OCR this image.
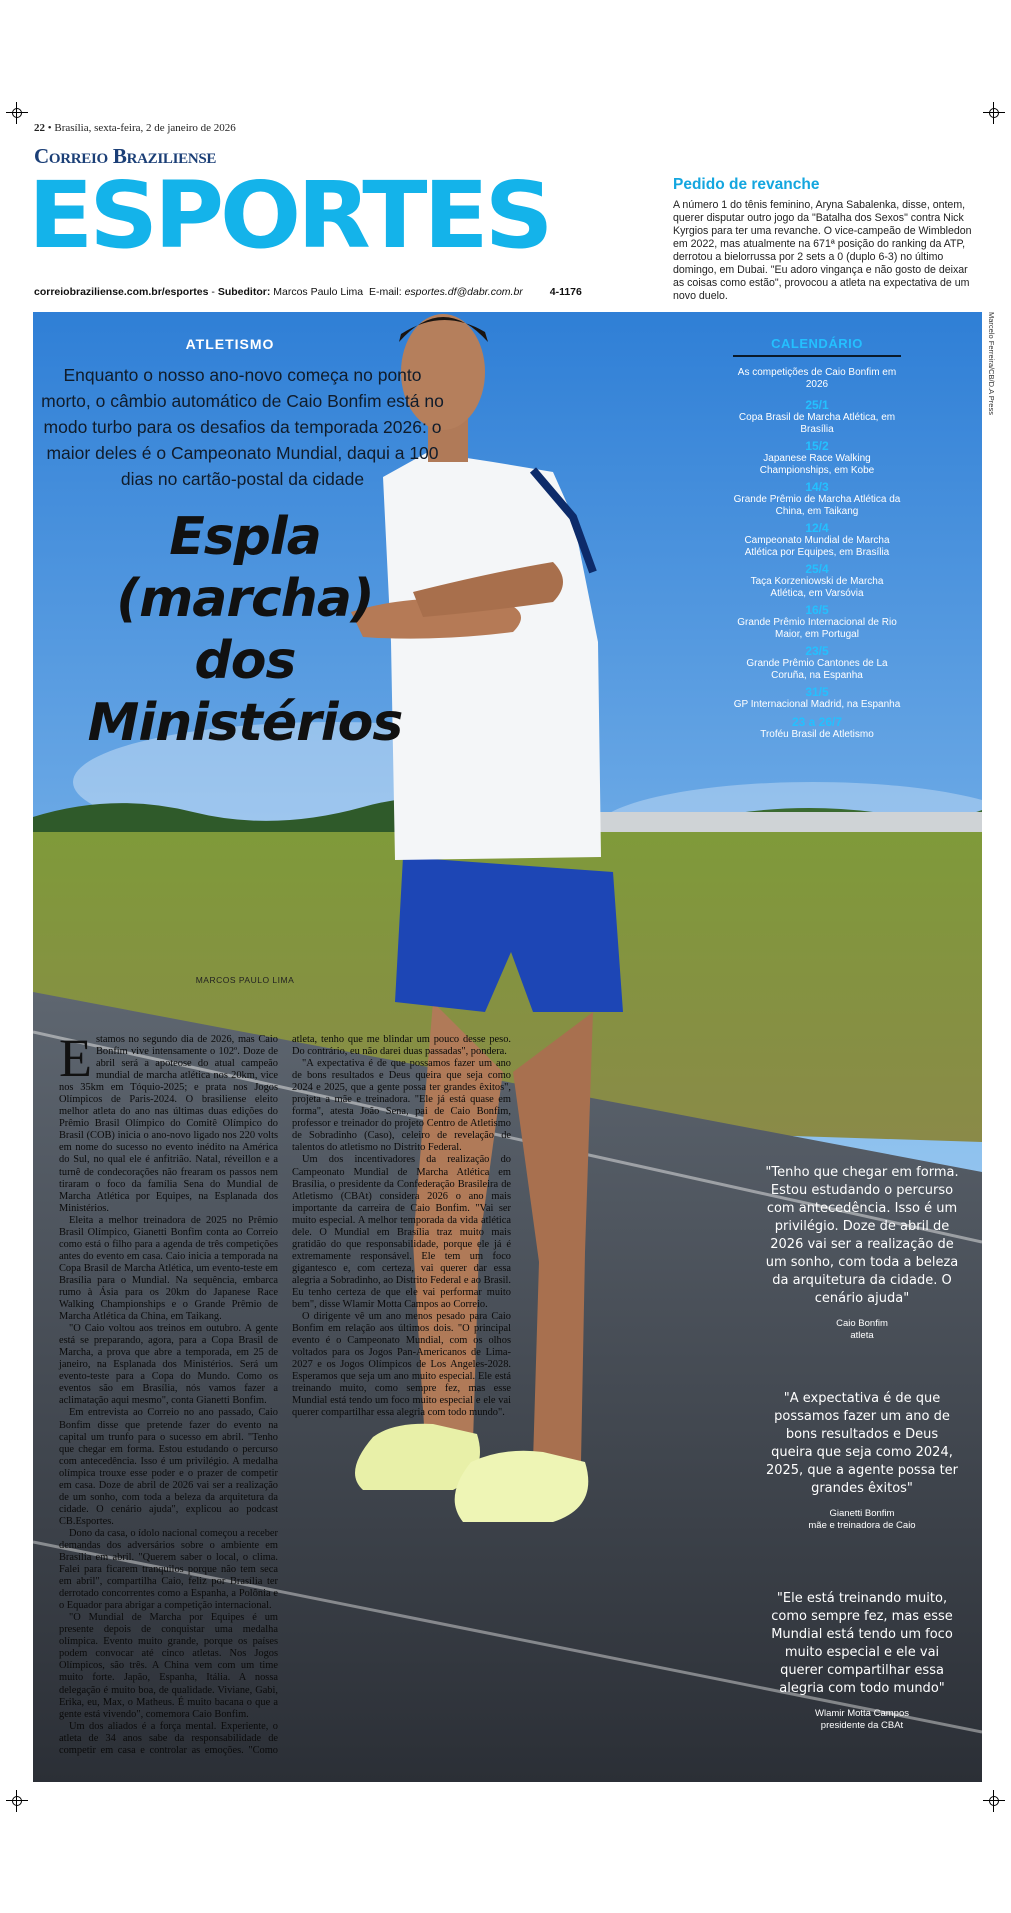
22 • Brasília, sexta-feira, 2 de janeiro de 2026
Correio Braziliense
ESPORTES
correiobraziliense.com.br/esportes - Subeditor: Marcos Paulo Lima E-mail: esportes.df@dabr.com.br	4-1176
Pedido de revanche

A número 1 do tênis feminino, Aryna Sabalenka, disse, ontem, querer disputar outro jogo da "Batalha dos Sexos" contra Nick Kyrgios para ter uma revanche. O vice-campeão de Wimbledon em 2022, mas atualmente na 671ª posição do ranking da ATP, derrotou a bielorrussa por 2 sets a 0 (duplo 6-3) no último domingo, em Dubai. "Eu adoro vingança e não gosto de deixar as coisas como estão", provocou a atleta na expectativa de um novo duelo.

Marcelo Ferreira/CB/D.A Press
ATLETISMO
Enquanto o nosso ano-novo começa no ponto morto, o câmbio automático de Caio Bonfim está no modo turbo para os desafios da temporada 2026: o maior deles é o Campeonato Mundial, daqui a 100 dias no cartão-postal da cidade
Espla
(marcha)
dos
Ministérios
MARCOS PAULO LIMA
CALENDÁRIO
As competições de Caio Bonfim em 2026
25/1
Copa Brasil de Marcha Atlética, em Brasília
15/2
Japanese Race Walking Championships, em Kobe
14/3
Grande Prêmio de Marcha Atlética da China, em Taikang
12/4
Campeonato Mundial de Marcha Atlética por Equipes, em Brasília
25/4
Taça Korzeniowski de Marcha Atlética, em Varsóvia
16/5
Grande Prêmio Internacional de Rio Maior, em Portugal
23/5
Grande Prêmio Cantones de La Coruña, na Espanha
31/5
GP Internacional Madrid, na Espanha
23 a 26/7
Troféu Brasil de Atletismo

Estamos no segundo dia de 2026, mas Caio Bonfim vive intensamente o 102º. Doze de abril será a apoteose do atual campeão mundial de marcha atlética nos 20km, vice nos 35km em Tóquio-2025; e prata nos Jogos Olímpicos de Paris-2024. O brasiliense eleito melhor atleta do ano nas últimas duas edições do Prêmio Brasil Olímpico do Comitê Olímpico do Brasil (COB) inicia o ano-novo ligado nos 220 volts em nome do sucesso no evento inédito na América do Sul, no qual ele é anfitrião. Natal, réveillon e a turnê de condecorações não frearam os passos nem tiraram o foco da família Sena do Mundial de Marcha Atlética por Equipes, na Esplanada dos Ministérios.

Eleita a melhor treinadora de 2025 no Prêmio Brasil Olímpico, Gianetti Bonfim conta ao Correio como está o filho para a agenda de três competições antes do evento em casa. Caio inicia a temporada na Copa Brasil de Marcha Atlética, um evento-teste em Brasília para o Mundial. Na sequência, embarca rumo à Ásia para os 20km do Japanese Race Walking Championships e o Grande Prêmio de Marcha Atlética da China, em Taikang.

"O Caio voltou aos treinos em outubro. A gente está se preparando, agora, para a Copa Brasil de Marcha, a prova que abre a temporada, em 25 de janeiro, na Esplanada dos Ministérios. Será um evento-teste para a Copa do Mundo. Como os eventos são em Brasília, nós vamos fazer a aclimatação aqui mesmo", conta Gianetti Bonfim.

Em entrevista ao Correio no ano passado, Caio Bonfim disse que pretende fazer do evento na capital um trunfo para o sucesso em abril. "Tenho que chegar em forma. Estou estudando o percurso com antecedência. Isso é um privilégio. A medalha olímpica trouxe esse poder e o prazer de competir em casa. Doze de abril de 2026 vai ser a realização de um sonho, com toda a beleza da arquitetura da cidade. O cenário ajuda", explicou ao podcast CB.Esportes.

Dono da casa, o ídolo nacional começou a receber demandas dos adversários sobre o ambiente em Brasília em abril. "Querem saber o local, o clima. Falei para ficarem tranquilos porque não tem seca em abril", compartilha Caio, feliz por Brasília ter derrotado concorrentes como a Espanha, a Polônia e o Equador para abrigar a competição internacional.

"O Mundial de Marcha por Equipes é um presente depois de conquistar uma medalha olímpica. Evento muito grande, porque os países podem convocar até cinco atletas. Nos Jogos Olímpicos, são três. A China vem com um time muito forte. Japão, Espanha, Itália. A nossa delegação é muito boa, de qualidade. Viviane, Gabi, Erika, eu, Max, o Matheus. É muito bacana o que a gente está vivendo", comemora Caio Bonfim.

Um dos aliados é a força mental. Experiente, o atleta de 34 anos sabe da responsabilidade de competir em casa e controlar as emoções. "Como atleta, tenho que me blindar um pouco desse peso. Do contrário, eu não darei duas passadas", pondera.

"A expectativa é de que possamos fazer um ano de bons resultados e Deus queira que seja como 2024 e 2025, que a gente possa ter grandes êxitos", projeta a mãe e treinadora. "Ele já está quase em forma", atesta João Sena, pai de Caio Bonfim, professor e treinador do projeto Centro de Atletismo de Sobradinho (Caso), celeiro de revelação de talentos do atletismo no Distrito Federal.

Um dos incentivadores da realização do Campeonato Mundial de Marcha Atlética em Brasília, o presidente da Confederação Brasileira de Atletismo (CBAt) considera 2026 o ano mais importante da carreira de Caio Bonfim. "Vai ser muito especial. A melhor temporada da vida atlética dele. O Mundial em Brasília traz muito mais gratidão do que responsabilidade, porque ele já é extremamente responsável. Ele tem um foco gigantesco e, com certeza, vai querer dar essa alegria a Sobradinho, ao Distrito Federal e ao Brasil. Eu tenho certeza de que ele vai performar muito bem", disse Wlamir Motta Campos ao Correio.

O dirigente vê um ano menos pesado para Caio Bonfim em relação aos últimos dois. "O principal evento é o Campeonato Mundial, com os olhos voltados para os Jogos Pan-Americanos de Lima-2027 e os Jogos Olímpicos de Los Angeles-2028. Esperamos que seja um ano muito especial. Ele está treinando muito, como sempre fez, mas esse Mundial está tendo um foco muito especial e ele vai querer compartilhar essa alegria com todo mundo".

"Tenho que chegar em forma. Estou estudando o percurso com antecedência. Isso é um privilégio. Doze de abril de 2026 vai ser a realização de um sonho, com toda a beleza da arquitetura da cidade. O cenário ajuda"
Caio Bonfim
atleta
"A expectativa é de que possamos fazer um ano de bons resultados e Deus queira que seja como 2024, 2025, que a agente possa ter grandes êxitos"
Gianetti Bonfim
mãe e treinadora de Caio
"Ele está treinando muito, como sempre fez, mas esse Mundial está tendo um foco muito especial e ele vai querer compartilhar essa alegria com todo mundo"
Wlamir Motta Campos
presidente da CBAt
